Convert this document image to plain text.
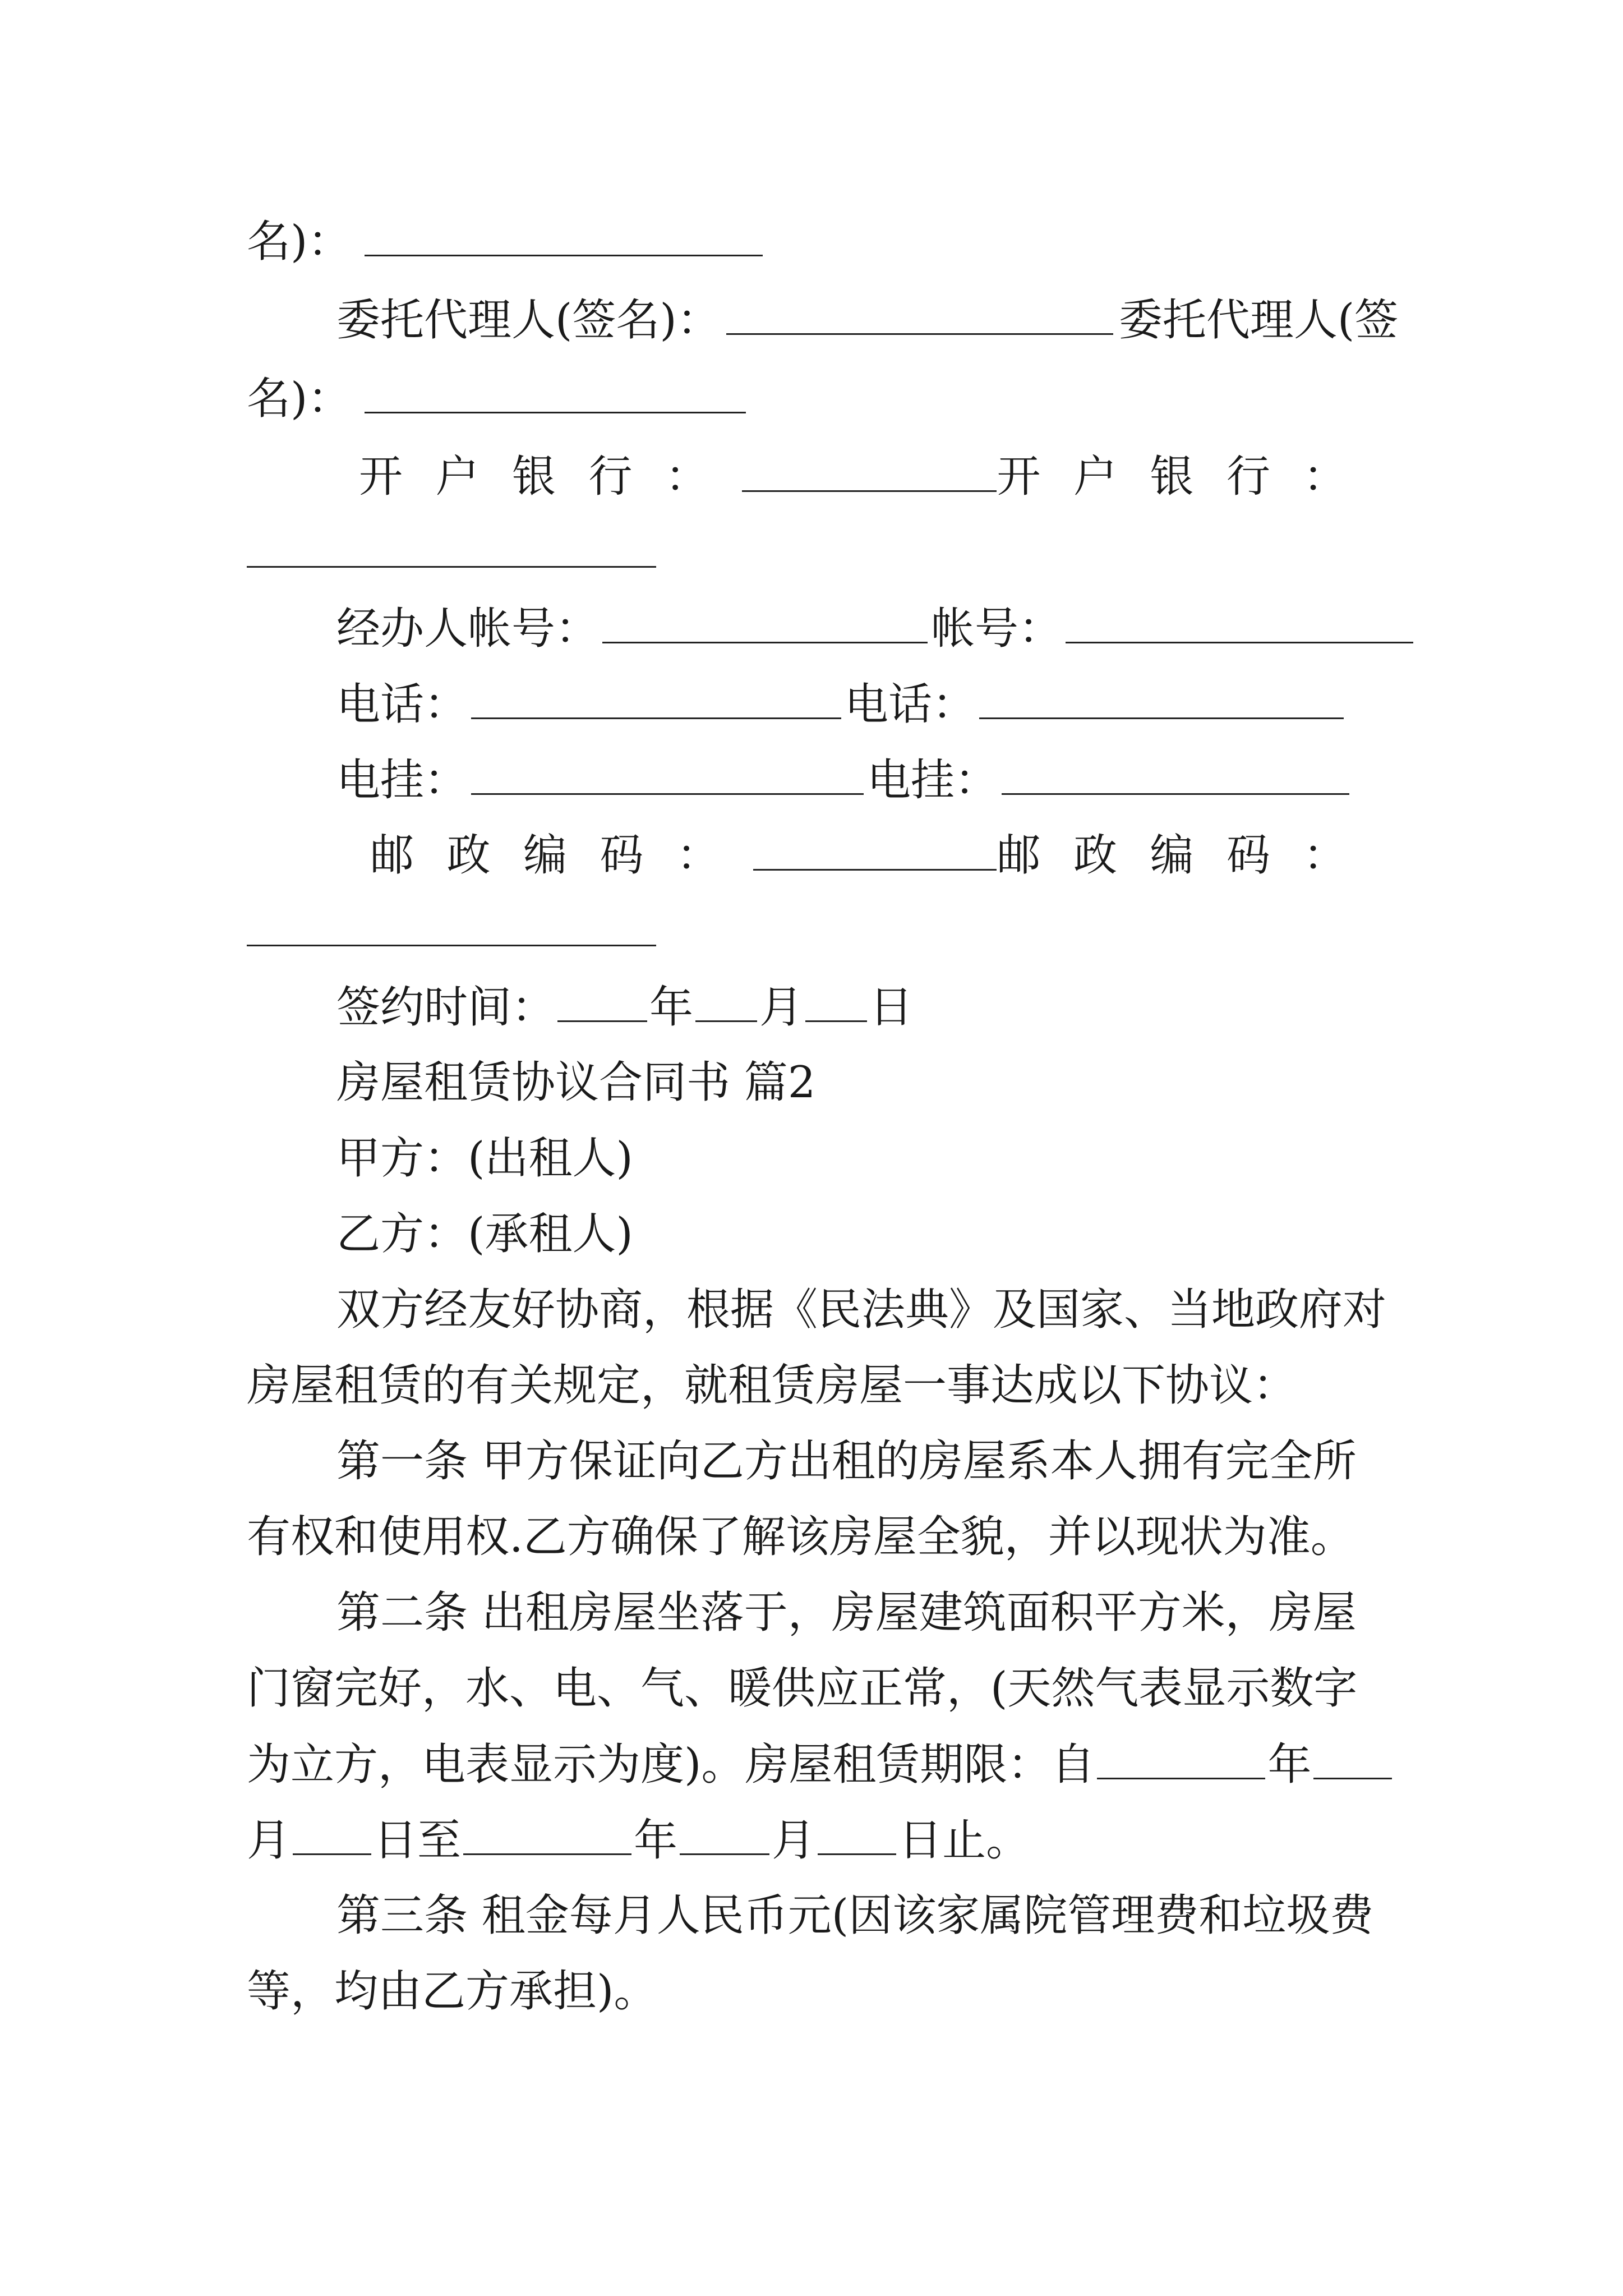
名)：
委托代理人(签名)：	委托代理人(签
名)：
开户银行：	开户银行：
经办人帐号：	帐号：
电话：	电话：
电挂：	电挂：
邮政编码：	邮政编码：
签约时间： 年 月 日
房屋租赁协议合同书 篇2
甲方：(出租人)
乙方：(承租人)
双方经友好协商，根据《民法典》及国家、当地政府对
房屋租赁的有关规定，就租赁房屋一事达成以下协议：
第一条 甲方保证向乙方出租的房屋系本人拥有完全所
有权和使用权.乙方确保了解该房屋全貌，并以现状为准。
第二条 出租房屋坐落于，房屋建筑面积平方米，房屋
门窗完好，水、电、气、暖供应正常，(天然气表显示数字
为立方，电表显示为度)。房屋租赁期限：自	年
月 日至	年 月 日止。
第三条 租金每月人民币元(因该家属院管理费和垃圾费
等，均由乙方承担)。
